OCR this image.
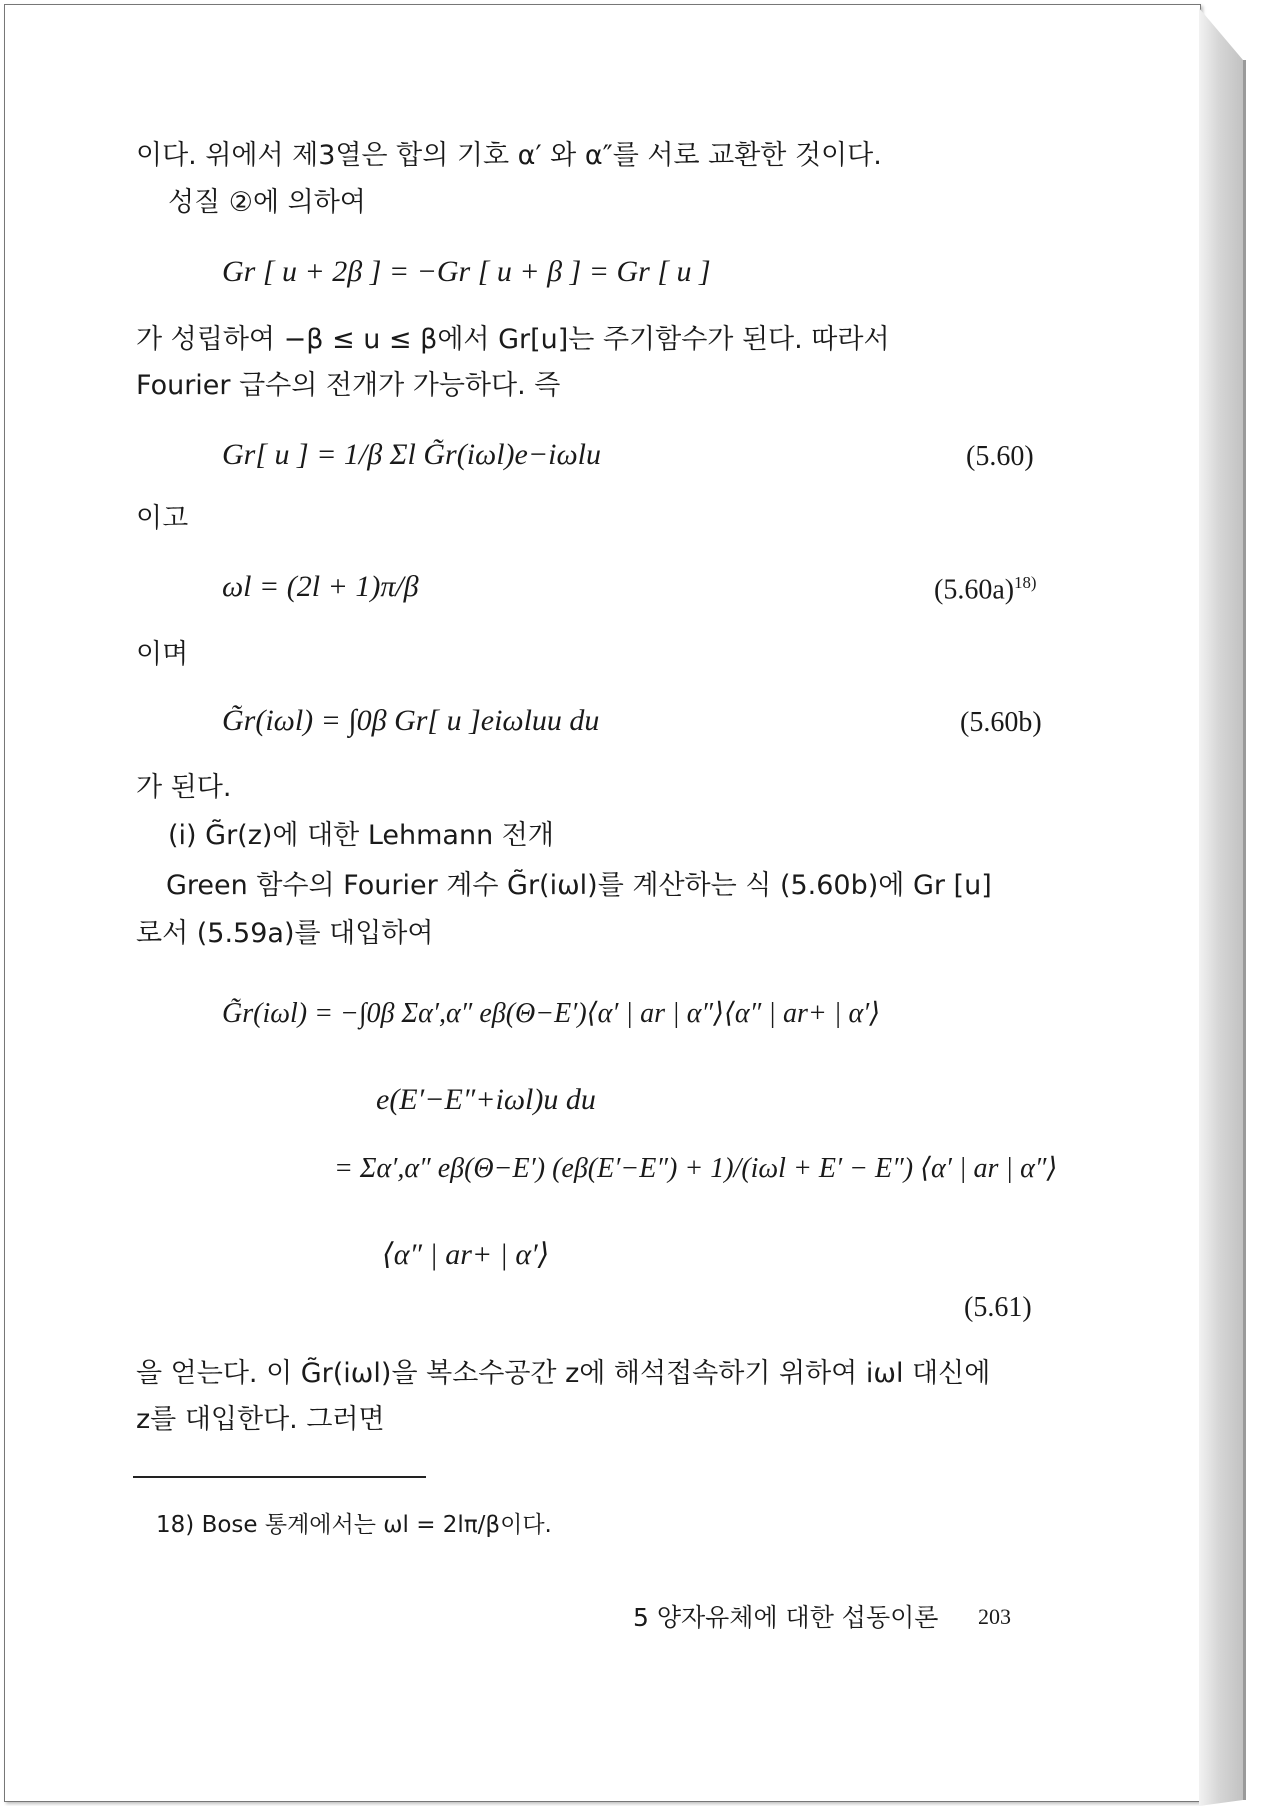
이다. 위에서 제3열은 합의 기호 α′ 와 α″를 서로 교환한 것이다.
성질 ②에 의하여
Gr [ u + 2β ] = −Gr [ u + β ] = Gr [ u ]
가 성립하여 −β ≤ u ≤ β에서 Gr[u]는 주기함수가 된다. 따라서
Fourier 급수의 전개가 가능하다. 즉
Gr[ u ] = 1/β Σl G̃r(iωl)e−iωlu	(5.60)
이고
ωl = (2l + 1)π/β	$(5.60a)^{18)}$
이며
G̃r(iωl) = ∫0β Gr[ u ]eiωluu du	(5.60b)
가 된다.
(i) G̃r(z)에 대한 Lehmann 전개
Green 함수의 Fourier 계수 G̃r(iωl)를 계산하는 식 (5.60b)에 Gr [u]
로서 (5.59a)를 대입하여
G̃r(iωl) = −∫0β Σα′,α″ eβ(Θ−E′)⟨α′ | ar | α″⟩⟨α″ | ar+ | α′⟩
e(E′−E″+iωl)u du
= Σα′,α″ eβ(Θ−E′) (eβ(E′−E″) + 1)/(iωl + E′ − E″) ⟨α′ | ar | α″⟩
⟨α″ | ar+ | α′⟩
(5.61)
을 얻는다. 이 G̃r(iωl)을 복소수공간 z에 해석접속하기 위하여 iωl 대신에
z를 대입한다. 그러면
18) Bose 통계에서는 ωl = 2lπ/β이다.
5 양자유체에 대한 섭동이론 203
